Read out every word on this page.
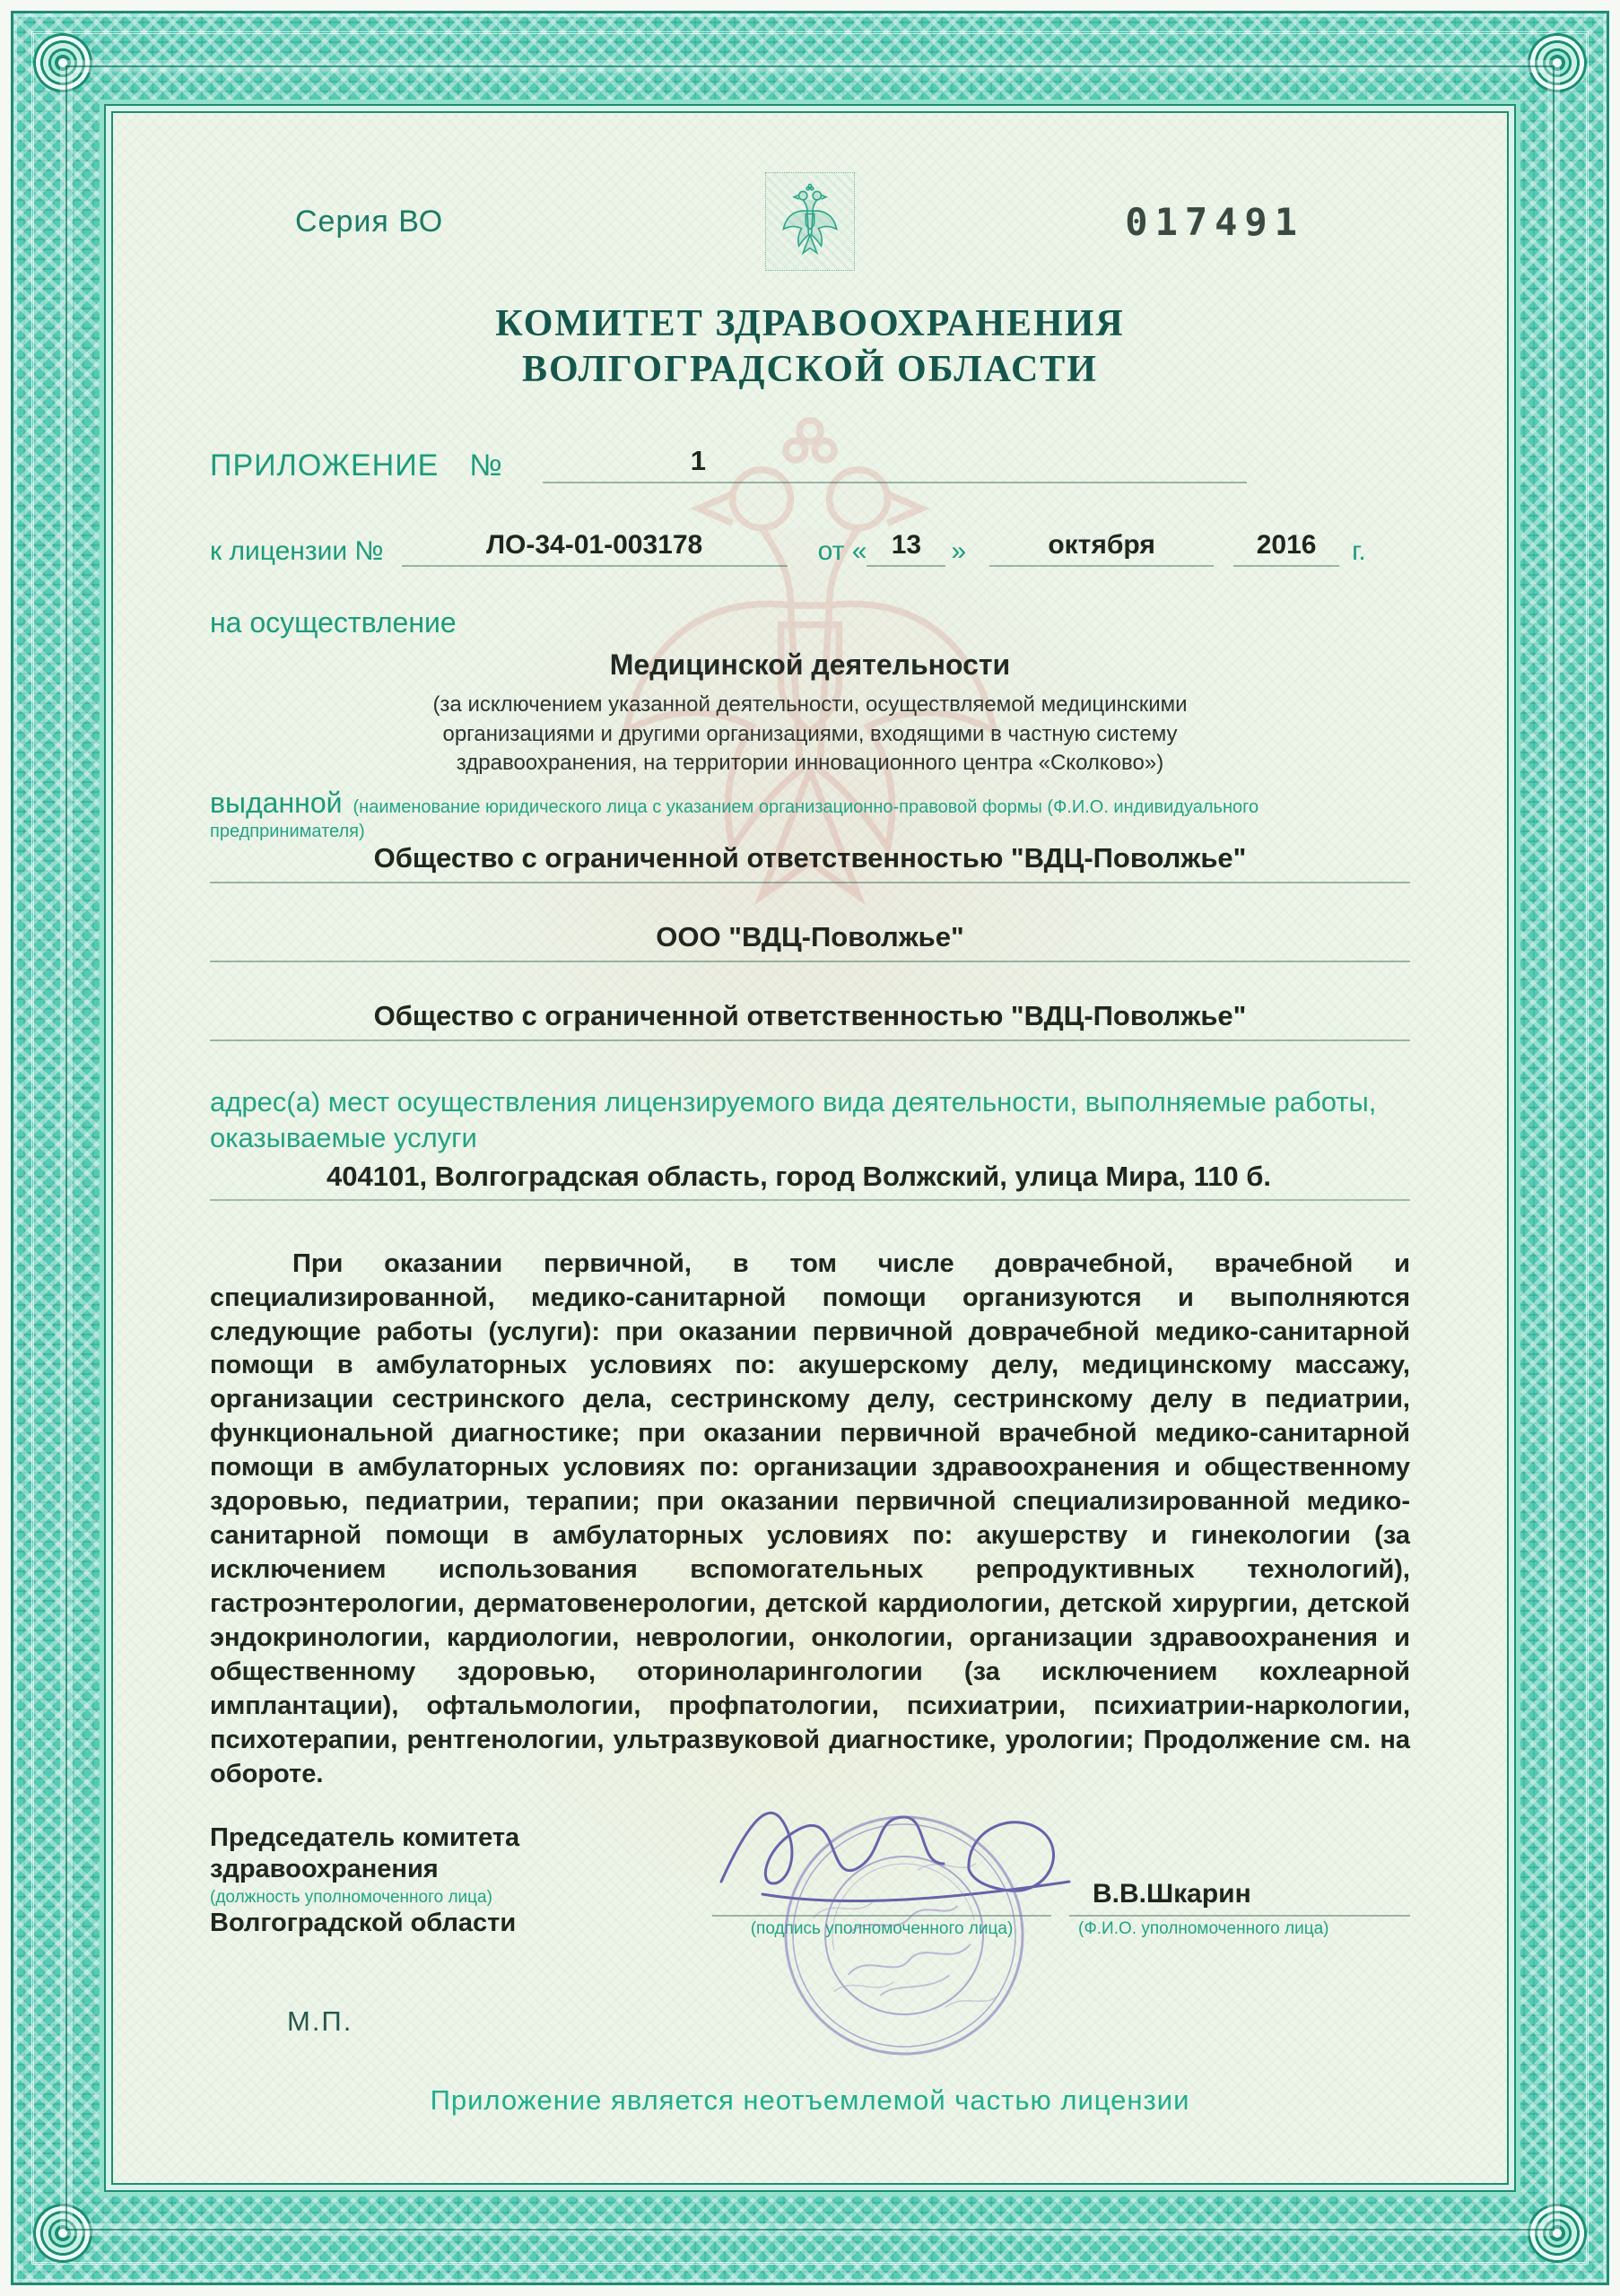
Серия ВО	017491
КОМИТЕТ ЗДРАВООХРАНЕНИЯ
ВОЛГОГРАДСКОЙ ОБЛАСТИ
ПРИЛОЖЕНИЕ №	1
к лицензии №	ЛО-34-01-003178	от « 13	»	октября	2016	г.
на осуществление
Медицинской деятельности
(за исключением указанной деятельности, осуществляемой медицинскими организациями и другими организациями, входящими в частную систему здравоохранения, на территории инновационного центра «Сколково»)
выданной (наименование юридического лица с указанием организационно-правовой формы (Ф.И.О. индивидуального
предпринимателя)
Общество с ограниченной ответственностью "ВДЦ-Поволжье"
ООО "ВДЦ-Поволжье"
Общество с ограниченной ответственностью "ВДЦ-Поволжье"
адрес(а) мест осуществления лицензируемого вида деятельности, выполняемые работы, оказываемые услуги
404101, Волгоградская область, город Волжский, улица Мира, 110 б.
При оказании первичной, в том числе доврачебной, врачебной и специализированной, медико-санитарной помощи организуются и выполняются следующие работы (услуги): при оказании первичной доврачебной медико-санитарной помощи в амбулаторных условиях по: акушерскому делу, медицинскому массажу, организации сестринского дела, сестринскому делу, сестринскому делу в педиатрии, функциональной диагностике; при оказании первичной врачебной медико-санитарной помощи в амбулаторных условиях по: организации здравоохранения и общественному здоровью, педиатрии, терапии; при оказании первичной специализированной медико-санитарной помощи в амбулаторных условиях по: акушерству и гинекологии (за исключением использования вспомогательных репродуктивных технологий), гастроэнтерологии, дерматовенерологии, детской кардиологии, детской хирургии, детской эндокринологии, кардиологии, неврологии, онкологии, организации здравоохранения и общественному здоровью, оториноларингологии (за исключением кохлеарной имплантации), офтальмологии, профпатологии, психиатрии, психиатрии-наркологии, психотерапии, рентгенологии, ультразвуковой диагностике, урологии; Продолжение см. на обороте.
Председатель комитета здравоохранения
(должность уполномоченного лица)
Волгоградской области	(подпись уполномоченного лица)
В.В.Шкарин
(Ф.И.О. уполномоченного лица)
М.П.
Приложение является неотъемлемой частью лицензии
